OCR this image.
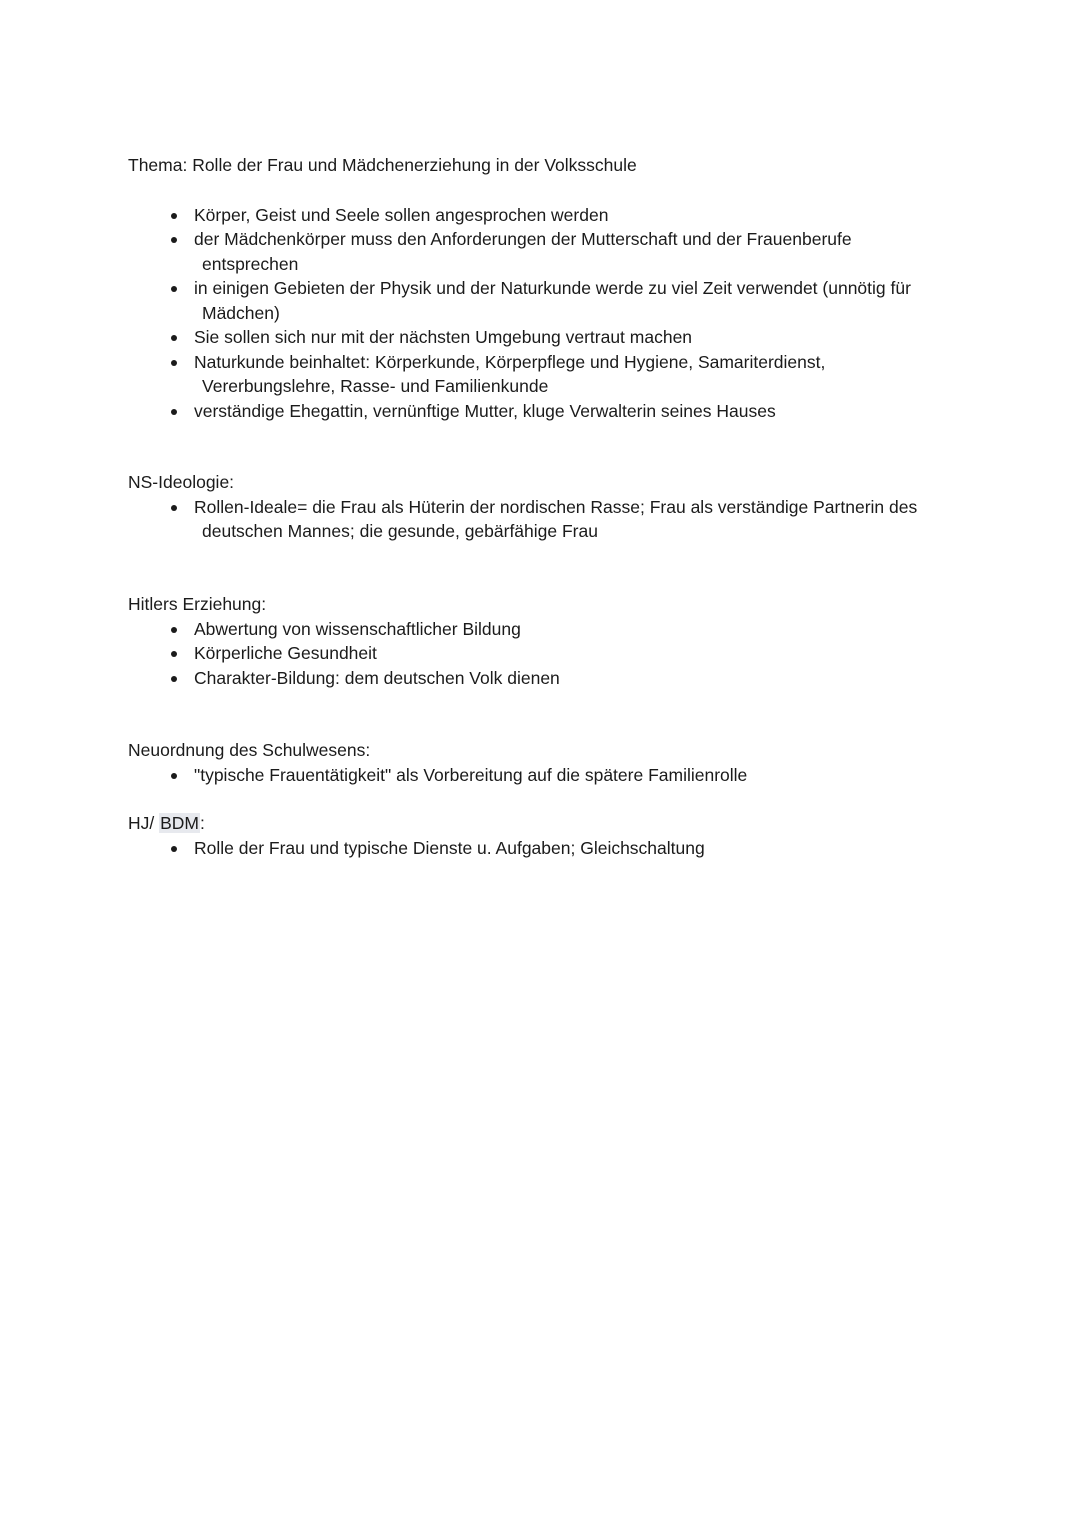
Thema: Rolle der Frau und Mädchenerziehung in der Volksschule

Körper, Geist und Seele sollen angesprochen werden
der Mädchenkörper muss den Anforderungen der Mutterschaft und der Frauenberufe
entsprechen
in einigen Gebieten der Physik und der Naturkunde werde zu viel Zeit verwendet (unnötig für
Mädchen)
Sie sollen sich nur mit der nächsten Umgebung vertraut machen
Naturkunde beinhaltet: Körperkunde, Körperpflege und Hygiene, Samariterdienst,
Vererbungslehre, Rasse- und Familienkunde
verständige Ehegattin, vernünftige Mutter, kluge Verwalterin seines Hauses

NS-Ideologie:

Rollen-Ideale= die Frau als Hüterin der nordischen Rasse; Frau als verständige Partnerin des
deutschen Mannes; die gesunde, gebärfähige Frau

Hitlers Erziehung:

Abwertung von wissenschaftlicher Bildung
Körperliche Gesundheit
Charakter-Bildung: dem deutschen Volk dienen

Neuordnung des Schulwesens:

"typische Frauentätigkeit" als Vorbereitung auf die spätere Familienrolle

HJ/ BDM:

Rolle der Frau und typische Dienste u. Aufgaben; Gleichschaltung
